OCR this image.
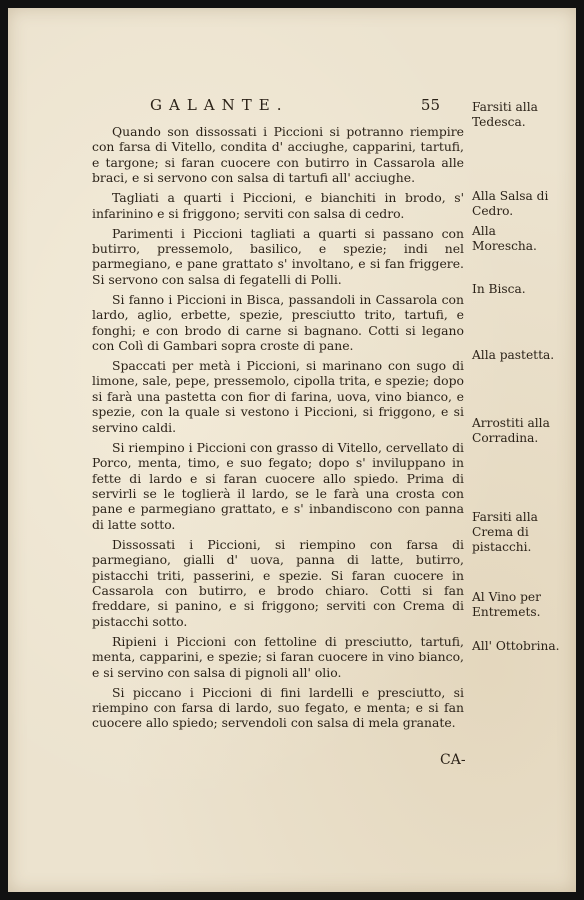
GALANTE.	55

Quando son dissossati i Piccioni si potranno riempire con farsa di Vitello, condita d' acciughe, capparini, tartufi, e targone; si faran cuocere con butirro in Cassarola alle braci, e si servono con salsa di tartufi all' acciughe.

Tagliati a quarti i Piccioni, e bianchiti in brodo, s' infarinino e si friggono; serviti con salsa di cedro.

Parimenti i Piccioni tagliati a quarti si passano con butirro, pressemolo, basilico, e spezie; indi nel parmegiano, e pane grattato s' involtano, e si fan friggere. Si servono con salsa di fegatelli di Polli.

Si fanno i Piccioni in Bisca, passandoli in Cassarola con lardo, aglio, erbette, spezie, presciutto trito, tartufi, e fonghi; e con brodo di carne si bagnano. Cotti si legano con Colì di Gambari sopra croste di pane.

Spaccati per metà i Piccioni, si marinano con sugo di limone, sale, pepe, pressemolo, cipolla trita, e spezie; dopo si farà una pastetta con fior di farina, uova, vino bianco, e spezie, con la quale si vestono i Piccioni, si friggono, e si servino caldi.

Si riempino i Piccioni con grasso di Vitello, cervellato di Porco, menta, timo, e suo fegato; dopo s' inviluppano in fette di lardo e si faran cuocere allo spiedo. Prima di servirli se le toglierà il lardo, se le farà una crosta con pane e parmegiano grattato, e s' inbandiscono con panna di latte sotto.

Dissossati i Piccioni, si riempino con farsa di parmegiano, gialli d' uova, panna di latte, butirro, pistacchi triti, passerini, e spezie. Si faran cuocere in Cassarola con butirro, e brodo chiaro. Cotti si fan freddare, si panino, e si friggono; serviti con Crema di pistacchi sotto.

Ripieni i Piccioni con fettoline di presciutto, tartufi, menta, capparini, e spezie; si faran cuocere in vino bianco, e si servino con salsa di pignoli all' olio.

Si piccano i Piccioni di fini lardelli e presciutto, si riempino con farsa di lardo, suo fegato, e menta; e si fan cuocere allo spiedo; servendoli con salsa di mela granate.

Farsiti alla Tedesca.
Alla Salsa di Cedro.
Alla Moreschа.
In Bisca.
Alla pastetta.
Arrostiti alla Corradina.
Farsiti alla Crema di pistacchi.
Al Vino per Entremets.
All' Ottobrina.
CA-
